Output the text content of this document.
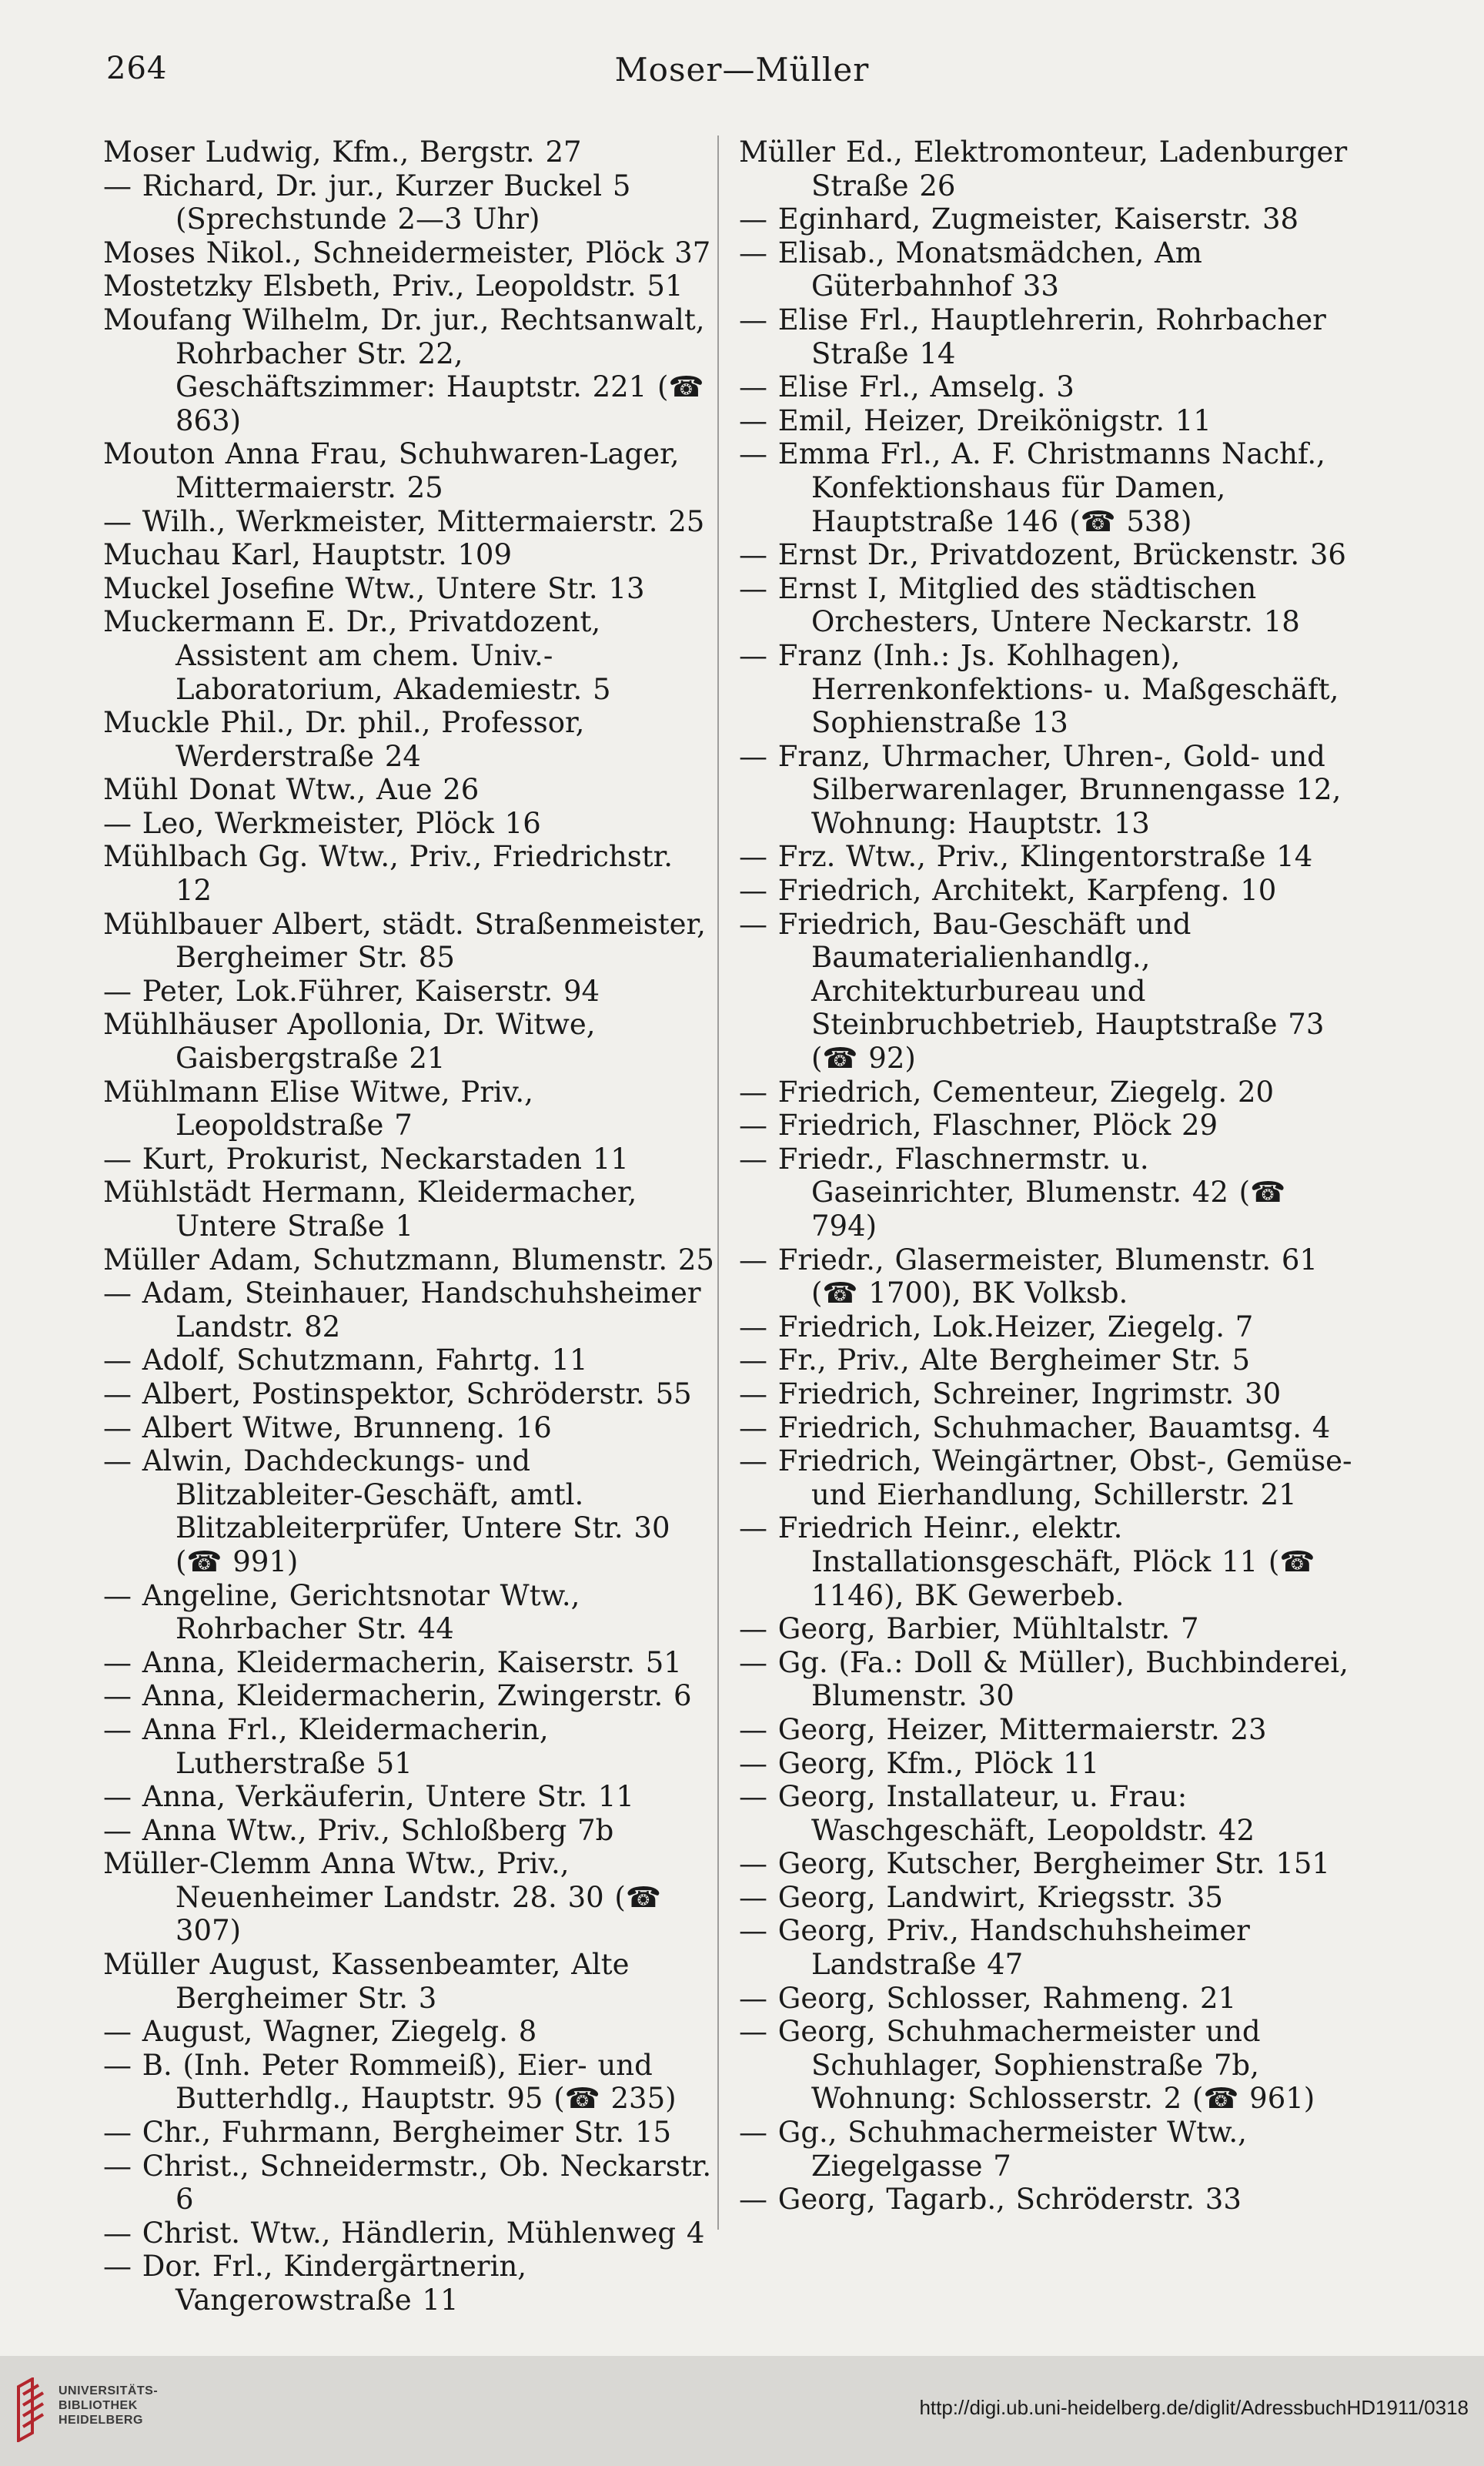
264	Moser—Müller
Moser Ludwig, Kfm., Bergstr. 27
— Richard, Dr. jur., Kurzer Buckel 5 (Sprechstunde 2—3 Uhr)
Moses Nikol., Schneidermeister, Plöck 37
Mostetzky Elsbeth, Priv., Leopoldstr. 51
Moufang Wilhelm, Dr. jur., Rechtsanwalt, Rohrbacher Str. 22, Geschäftszimmer: Hauptstr. 221 (☎ 863)
Mouton Anna Frau, Schuhwaren-Lager, Mittermaierstr. 25
— Wilh., Werkmeister, Mittermaierstr. 25
Muchau Karl, Hauptstr. 109
Muckel Josefine Wtw., Untere Str. 13
Muckermann E. Dr., Privatdozent, Assistent am chem. Univ.-Laboratorium, Akademiestr. 5
Muckle Phil., Dr. phil., Professor, Werderstraße 24
Mühl Donat Wtw., Aue 26
— Leo, Werkmeister, Plöck 16
Mühlbach Gg. Wtw., Priv., Friedrichstr. 12
Mühlbauer Albert, städt. Straßenmeister, Bergheimer Str. 85
— Peter, Lok.Führer, Kaiserstr. 94
Mühlhäuser Apollonia, Dr. Witwe, Gaisbergstraße 21
Mühlmann Elise Witwe, Priv., Leopoldstraße 7
— Kurt, Prokurist, Neckarstaden 11
Mühlstädt Hermann, Kleidermacher, Untere Straße 1
Müller Adam, Schutzmann, Blumenstr. 25
— Adam, Steinhauer, Handschuhsheimer Landstr. 82
— Adolf, Schutzmann, Fahrtg. 11
— Albert, Postinspektor, Schröderstr. 55
— Albert Witwe, Brunneng. 16
— Alwin, Dachdeckungs- und Blitzableiter-Geschäft, amtl. Blitzableiterprüfer, Untere Str. 30 (☎ 991)
— Angeline, Gerichtsnotar Wtw., Rohrbacher Str. 44
— Anna, Kleidermacherin, Kaiserstr. 51
— Anna, Kleidermacherin, Zwingerstr. 6
— Anna Frl., Kleidermacherin, Lutherstraße 51
— Anna, Verkäuferin, Untere Str. 11
— Anna Wtw., Priv., Schloßberg 7b
Müller-Clemm Anna Wtw., Priv., Neuenheimer Landstr. 28. 30 (☎ 307)
Müller August, Kassenbeamter, Alte Bergheimer Str. 3
— August, Wagner, Ziegelg. 8
— B. (Inh. Peter Rommeiß), Eier- und Butterhdlg., Hauptstr. 95 (☎ 235)
— Chr., Fuhrmann, Bergheimer Str. 15
— Christ., Schneidermstr., Ob. Neckarstr. 6
— Christ. Wtw., Händlerin, Mühlenweg 4
— Dor. Frl., Kindergärtnerin, Vangerowstraße 11
Müller Ed., Elektromonteur, Ladenburger Straße 26
— Eginhard, Zugmeister, Kaiserstr. 38
— Elisab., Monatsmädchen, Am Güterbahnhof 33
— Elise Frl., Hauptlehrerin, Rohrbacher Straße 14
— Elise Frl., Amselg. 3
— Emil, Heizer, Dreikönigstr. 11
— Emma Frl., A. F. Christmanns Nachf., Konfektionshaus für Damen, Hauptstraße 146 (☎ 538)
— Ernst Dr., Privatdozent, Brückenstr. 36
— Ernst I, Mitglied des städtischen Orchesters, Untere Neckarstr. 18
— Franz (Inh.: Js. Kohlhagen), Herrenkonfektions- u. Maßgeschäft, Sophienstraße 13
— Franz, Uhrmacher, Uhren-, Gold- und Silberwarenlager, Brunnengasse 12, Wohnung: Hauptstr. 13
— Frz. Wtw., Priv., Klingentorstraße 14
— Friedrich, Architekt, Karpfeng. 10
— Friedrich, Bau-Geschäft und Baumaterialienhandlg., Architekturbureau und Steinbruchbetrieb, Hauptstraße 73 (☎ 92)
— Friedrich, Cementeur, Ziegelg. 20
— Friedrich, Flaschner, Plöck 29
— Friedr., Flaschnermstr. u. Gaseinrichter, Blumenstr. 42 (☎ 794)
— Friedr., Glasermeister, Blumenstr. 61 (☎ 1700), BK Volksb.
— Friedrich, Lok.Heizer, Ziegelg. 7
— Fr., Priv., Alte Bergheimer Str. 5
— Friedrich, Schreiner, Ingrimstr. 30
— Friedrich, Schuhmacher, Bauamtsg. 4
— Friedrich, Weingärtner, Obst-, Gemüse- und Eierhandlung, Schillerstr. 21
— Friedrich Heinr., elektr. Installationsgeschäft, Plöck 11 (☎ 1146), BK Gewerbeb.
— Georg, Barbier, Mühltalstr. 7
— Gg. (Fa.: Doll & Müller), Buchbinderei, Blumenstr. 30
— Georg, Heizer, Mittermaierstr. 23
— Georg, Kfm., Plöck 11
— Georg, Installateur, u. Frau: Waschgeschäft, Leopoldstr. 42
— Georg, Kutscher, Bergheimer Str. 151
— Georg, Landwirt, Kriegsstr. 35
— Georg, Priv., Handschuhsheimer Landstraße 47
— Georg, Schlosser, Rahmeng. 21
— Georg, Schuhmachermeister und Schuhlager, Sophienstraße 7b, Wohnung: Schlosserstr. 2 (☎ 961)
— Gg., Schuhmachermeister Wtw., Ziegelgasse 7
— Georg, Tagarb., Schröderstr. 33
UNIVERSITÄTS-
BIBLIOTHEK
HEIDELBERG
http://digi.ub.uni-heidelberg.de/diglit/AdressbuchHD1911/0318
